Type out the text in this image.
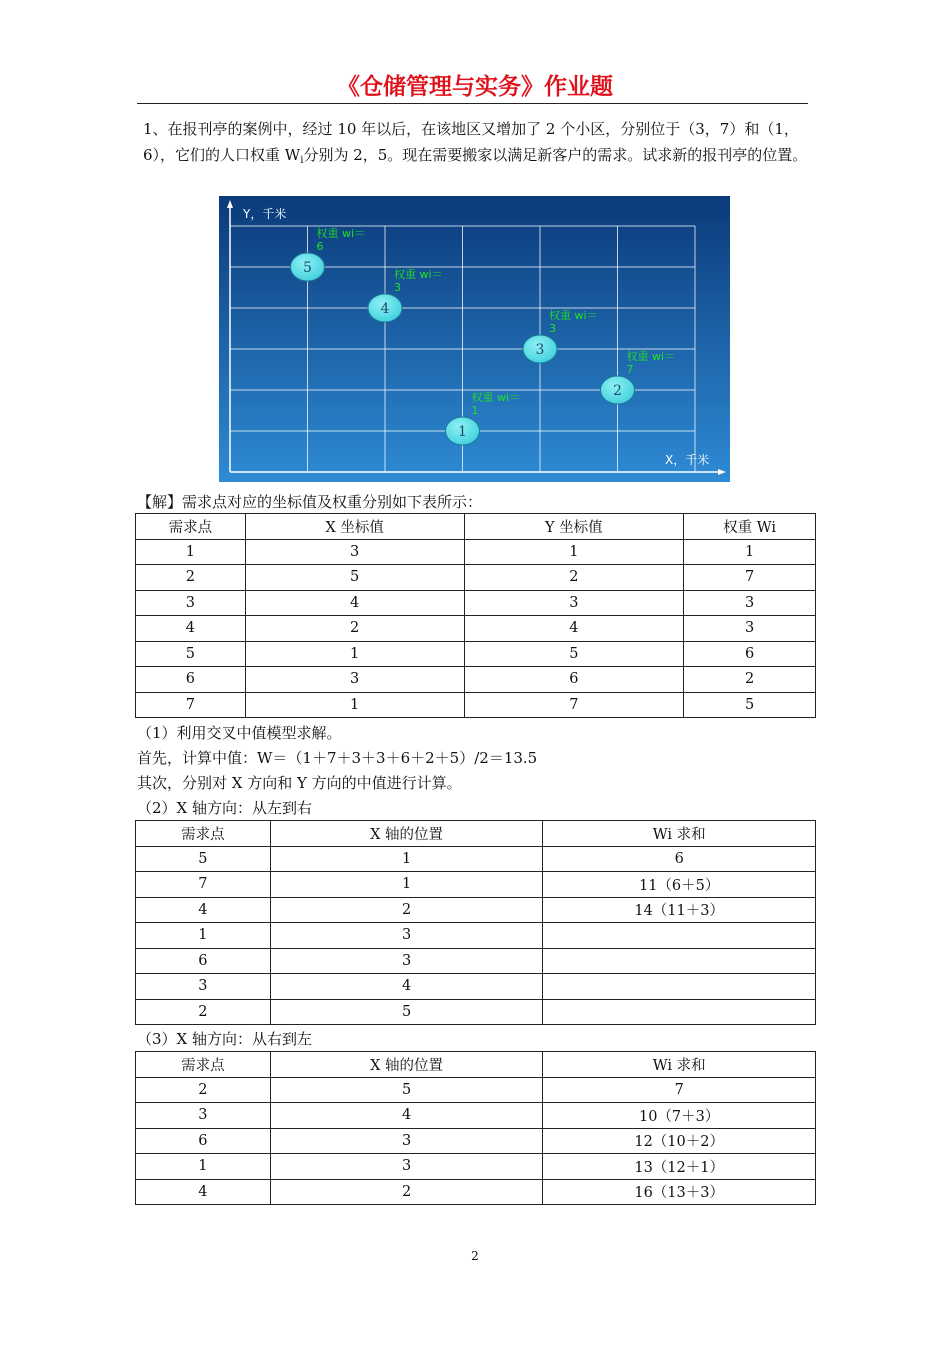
《仓储管理与实务》作业题
1、在报刊亭的案例中，经过 10 年以后，在该地区又增加了 2 个小区，分别位于（3，7）和（1，6），它们的人口权重 $W_i$分别为 2，5。现在需要搬家以满足新客户的需求。试求新的报刊亭的位置。
Y，千米
X，千米
1
权重 wi＝
1
2
权重 wi＝
7
3
权重 wi＝
3
4
权重 wi＝
3
5
权重 wi＝
6
【解】需求点对应的坐标值及权重分别如下表所示：
需求点	X 坐标值	Y 坐标值	权重 Wi
1	3	1	1
2	5	2	7
3	4	3	3
4	2	4	3
5	1	5	6
6	3	6	2
7	1	7	5
（1）利用交叉中值模型求解。
首先，计算中值：W＝（1＋7＋3＋3＋6＋2＋5）/2＝13.5
其次，分别对 X 方向和 Y 方向的中值进行计算。
（2）X 轴方向：从左到右
需求点	X 轴的位置	Wi 求和
5	1	6
7	1	11（6＋5）
4	2	14（11＋3）
1	3	
6	3	
3	4	
2	5	
（3）X 轴方向：从右到左
需求点	X 轴的位置	Wi 求和
2	5	7
3	4	10（7＋3）
6	3	12（10＋2）
1	3	13（12＋1）
4	2	16（13＋3）
2
